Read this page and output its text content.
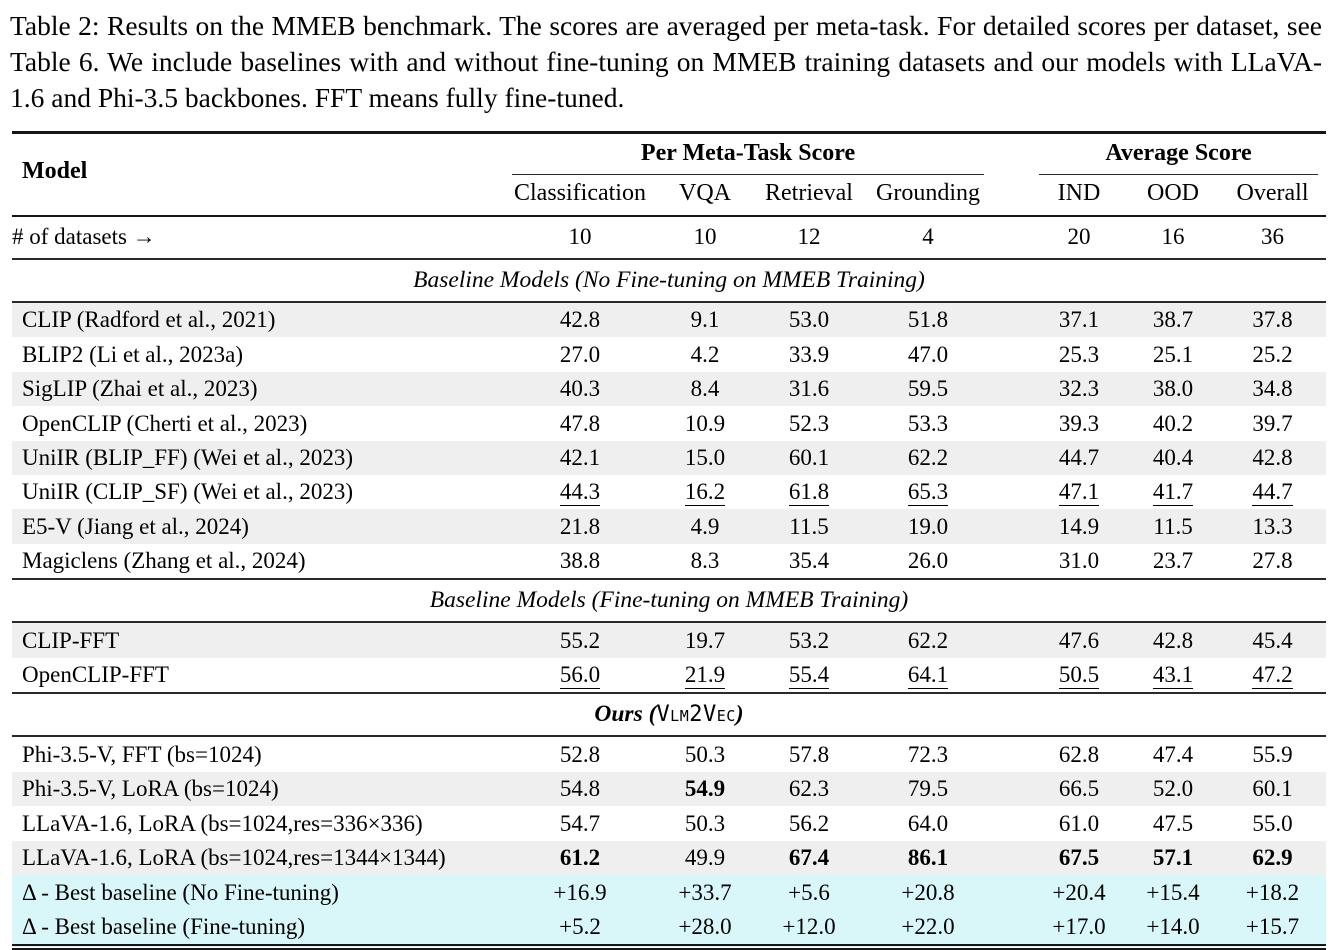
Table 2: Results on the MMEB benchmark. The scores are averaged per meta-task. For detailed scores per dataset, see Table 6. We include baselines with and without fine-tuning on MMEB training datasets and our models with LLaVA-1.6 and Phi-3.5 backbones. FFT means fully fine-tuned.
Model	Per Meta-Task Score					Average Score		

	Classification	VQA	Retrieval	Grounding		IND	OOD	Overall
# of datasets →	10	10	12	4		20	16	36
Baseline Models (No Fine-tuning on MMEB Training)								
CLIP (Radford et al., 2021)	42.8	9.1	53.0	51.8		37.1	38.7	37.8
BLIP2 (Li et al., 2023a)	27.0	4.2	33.9	47.0		25.3	25.1	25.2
SigLIP (Zhai et al., 2023)	40.3	8.4	31.6	59.5		32.3	38.0	34.8
OpenCLIP (Cherti et al., 2023)	47.8	10.9	52.3	53.3		39.3	40.2	39.7
UniIR (BLIP_FF) (Wei et al., 2023)	42.1	15.0	60.1	62.2		44.7	40.4	42.8
UniIR (CLIP_SF) (Wei et al., 2023)	44.3	16.2	61.8	65.3		47.1	41.7	44.7
E5-V (Jiang et al., 2024)	21.8	4.9	11.5	19.0		14.9	11.5	13.3
Magiclens (Zhang et al., 2024)	38.8	8.3	35.4	26.0		31.0	23.7	27.8
Baseline Models (Fine-tuning on MMEB Training)								
CLIP-FFT	55.2	19.7	53.2	62.2		47.6	42.8	45.4
OpenCLIP-FFT	56.0	21.9	55.4	64.1		50.5	43.1	47.2
Ours (Vlm2Vec)								
Phi-3.5-V, FFT (bs=1024)	52.8	50.3	57.8	72.3		62.8	47.4	55.9
Phi-3.5-V, LoRA (bs=1024)	54.8	54.9	62.3	79.5		66.5	52.0	60.1
LLaVA-1.6, LoRA (bs=1024,res=336×336)	54.7	50.3	56.2	64.0		61.0	47.5	55.0
LLaVA-1.6, LoRA (bs=1024,res=1344×1344)	61.2	49.9	67.4	86.1		67.5	57.1	62.9
Δ - Best baseline (No Fine-tuning)	+16.9	+33.7	+5.6	+20.8		+20.4	+15.4	+18.2
Δ - Best baseline (Fine-tuning)	+5.2	+28.0	+12.0	+22.0		+17.0	+14.0	+15.7
